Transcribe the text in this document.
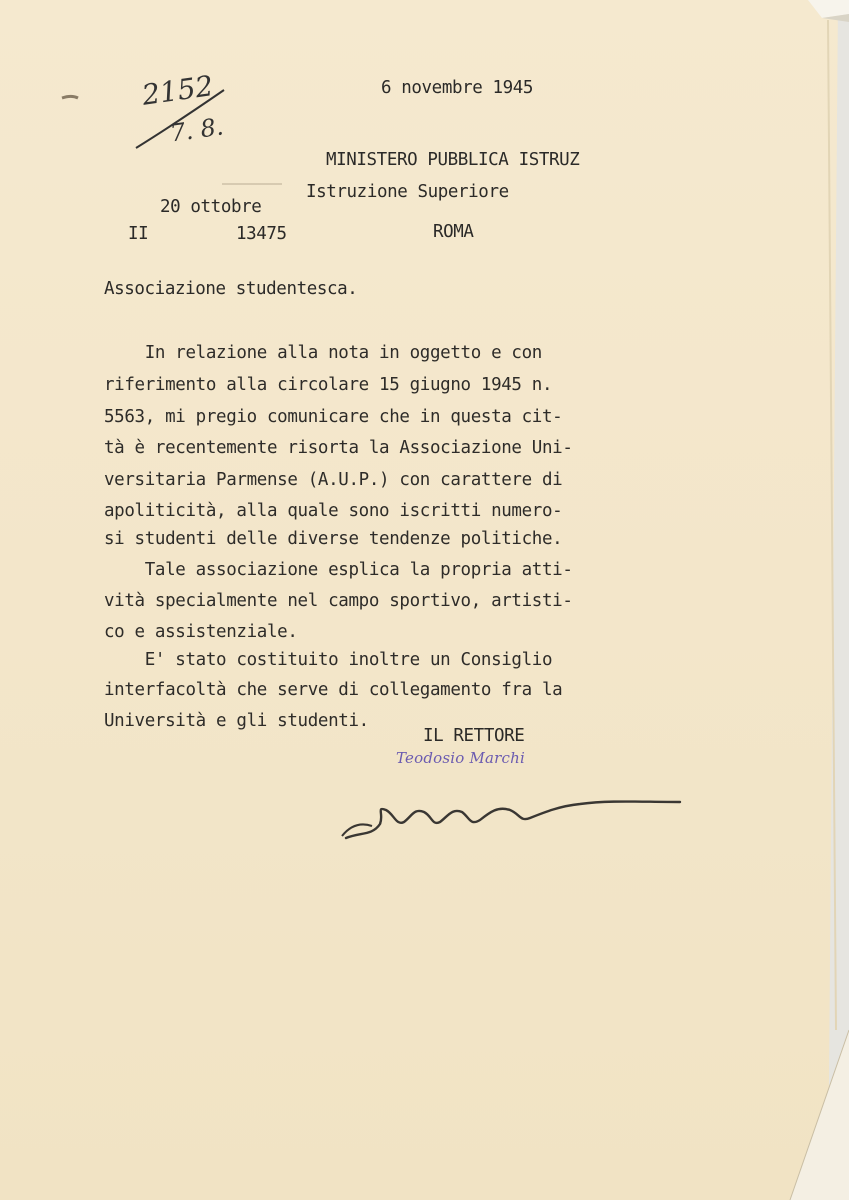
2152
7. 8.
6 novembre 1945
MINISTERO PUBBLICA ISTRUZ
Istruzione Superiore
20 ottobre
II	13475	ROMA
Associazione studentesca.
In relazione alla nota in oggetto e con
riferimento alla circolare 15 giugno 1945 n.
5563, mi pregio comunicare che in questa cit-
tà è recentemente risorta la Associazione Uni-
versitaria Parmense (A.U.P.) con carattere di
apoliticità, alla quale sono iscritti numero-
si studenti delle diverse tendenze politiche.
Tale associazione esplica la propria atti-
vità specialmente nel campo sportivo, artisti-
co e assistenziale.
E' stato costituito inoltre un Consiglio
interfacoltà che serve di collegamento fra la
Università e gli studenti.
IL RETTORE
Teodosio Marchi
